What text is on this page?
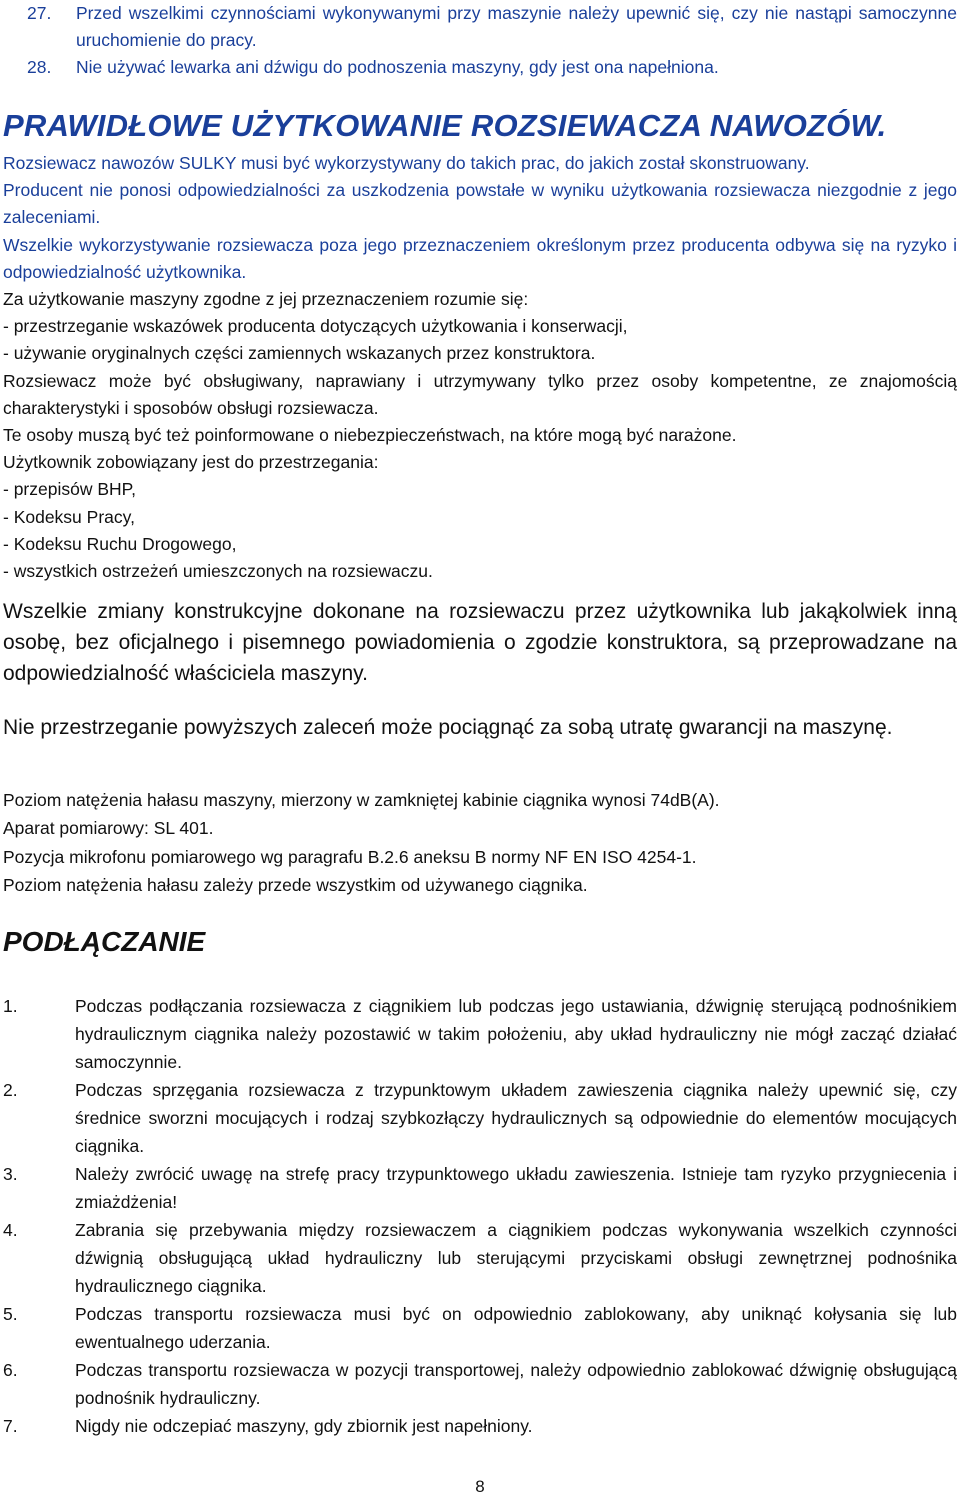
27.	Przed wszelkimi czynnościami wykonywanymi przy maszynie należy upewnić się, czy nie nastąpi samoczynne uruchomienie do pracy.
28.	Nie używać lewarka ani dźwigu do podnoszenia maszyny, gdy jest ona napełniona.
PRAWIDŁOWE UŻYTKOWANIE ROZSIEWACZA NAWOZÓW.

Rozsiewacz nawozów SULKY musi być wykorzystywany do takich prac, do jakich został skonstruowany.

Producent nie ponosi odpowiedzialności za uszkodzenia powstałe w wyniku użytkowania rozsiewacza niezgodnie z jego zaleceniami.

Wszelkie wykorzystywanie rozsiewacza poza jego przeznaczeniem określonym przez producenta odbywa się na ryzyko i odpowiedzialność użytkownika.

Za użytkowanie maszyny zgodne z jej przeznaczeniem rozumie się:

- przestrzeganie wskazówek producenta dotyczących użytkowania i konserwacji,

- używanie oryginalnych części zamiennych wskazanych przez konstruktora.

Rozsiewacz może być obsługiwany, naprawiany i utrzymywany tylko przez osoby kompetentne, ze znajomością charakterystyki i sposobów obsługi rozsiewacza.

Te osoby muszą być też poinformowane o niebezpieczeństwach, na które mogą być narażone.

Użytkownik zobowiązany jest do przestrzegania:

- przepisów BHP,

- Kodeksu Pracy,

- Kodeksu Ruchu Drogowego,

- wszystkich ostrzeżeń umieszczonych na rozsiewaczu.

Wszelkie zmiany konstrukcyjne dokonane na rozsiewaczu przez użytkownika lub jakąkolwiek inną osobę, bez oficjalnego i pisemnego powiadomienia o zgodzie konstruktora, są przeprowadzane na odpowiedzialność właściciela maszyny.

Nie przestrzeganie powyższych zaleceń może pociągnąć za sobą utratę gwarancji na maszynę.

Poziom natężenia hałasu maszyny, mierzony w zamkniętej kabinie ciągnika wynosi 74dB(A).

Aparat pomiarowy: SL 401.

Pozycja mikrofonu pomiarowego wg paragrafu B.2.6 aneksu B normy NF EN ISO 4254-1.

Poziom natężenia hałasu zależy przede wszystkim od używanego ciągnika.

PODŁĄCZANIE
1.	Podczas podłączania rozsiewacza z ciągnikiem lub podczas jego ustawiania, dźwignię sterującą podnośnikiem hydraulicznym ciągnika należy pozostawić w takim położeniu, aby układ hydrauliczny nie mógł zacząć działać samoczynnie.
2.	Podczas sprzęgania rozsiewacza z trzypunktowym układem zawieszenia ciągnika należy upewnić się, czy średnice sworzni mocujących i rodzaj szybkozłączy hydraulicznych są odpowiednie do elementów mocujących ciągnika.
3.	Należy zwrócić uwagę na strefę pracy trzypunktowego układu zawieszenia. Istnieje tam ryzyko przygniecenia i zmiażdżenia!
4.	Zabrania się przebywania między rozsiewaczem a ciągnikiem podczas wykonywania wszelkich czynności dźwignią obsługującą układ hydrauliczny lub sterującymi przyciskami obsługi zewnętrznej podnośnika hydraulicznego ciągnika.
5.	Podczas transportu rozsiewacza musi być on odpowiednio zablokowany, aby uniknąć kołysania się lub ewentualnego uderzania.
6.	Podczas transportu rozsiewacza w pozycji transportowej, należy odpowiednio zablokować dźwignię obsługującą podnośnik hydrauliczny.
7.	Nigdy nie odczepiać maszyny, gdy zbiornik jest napełniony.
8
